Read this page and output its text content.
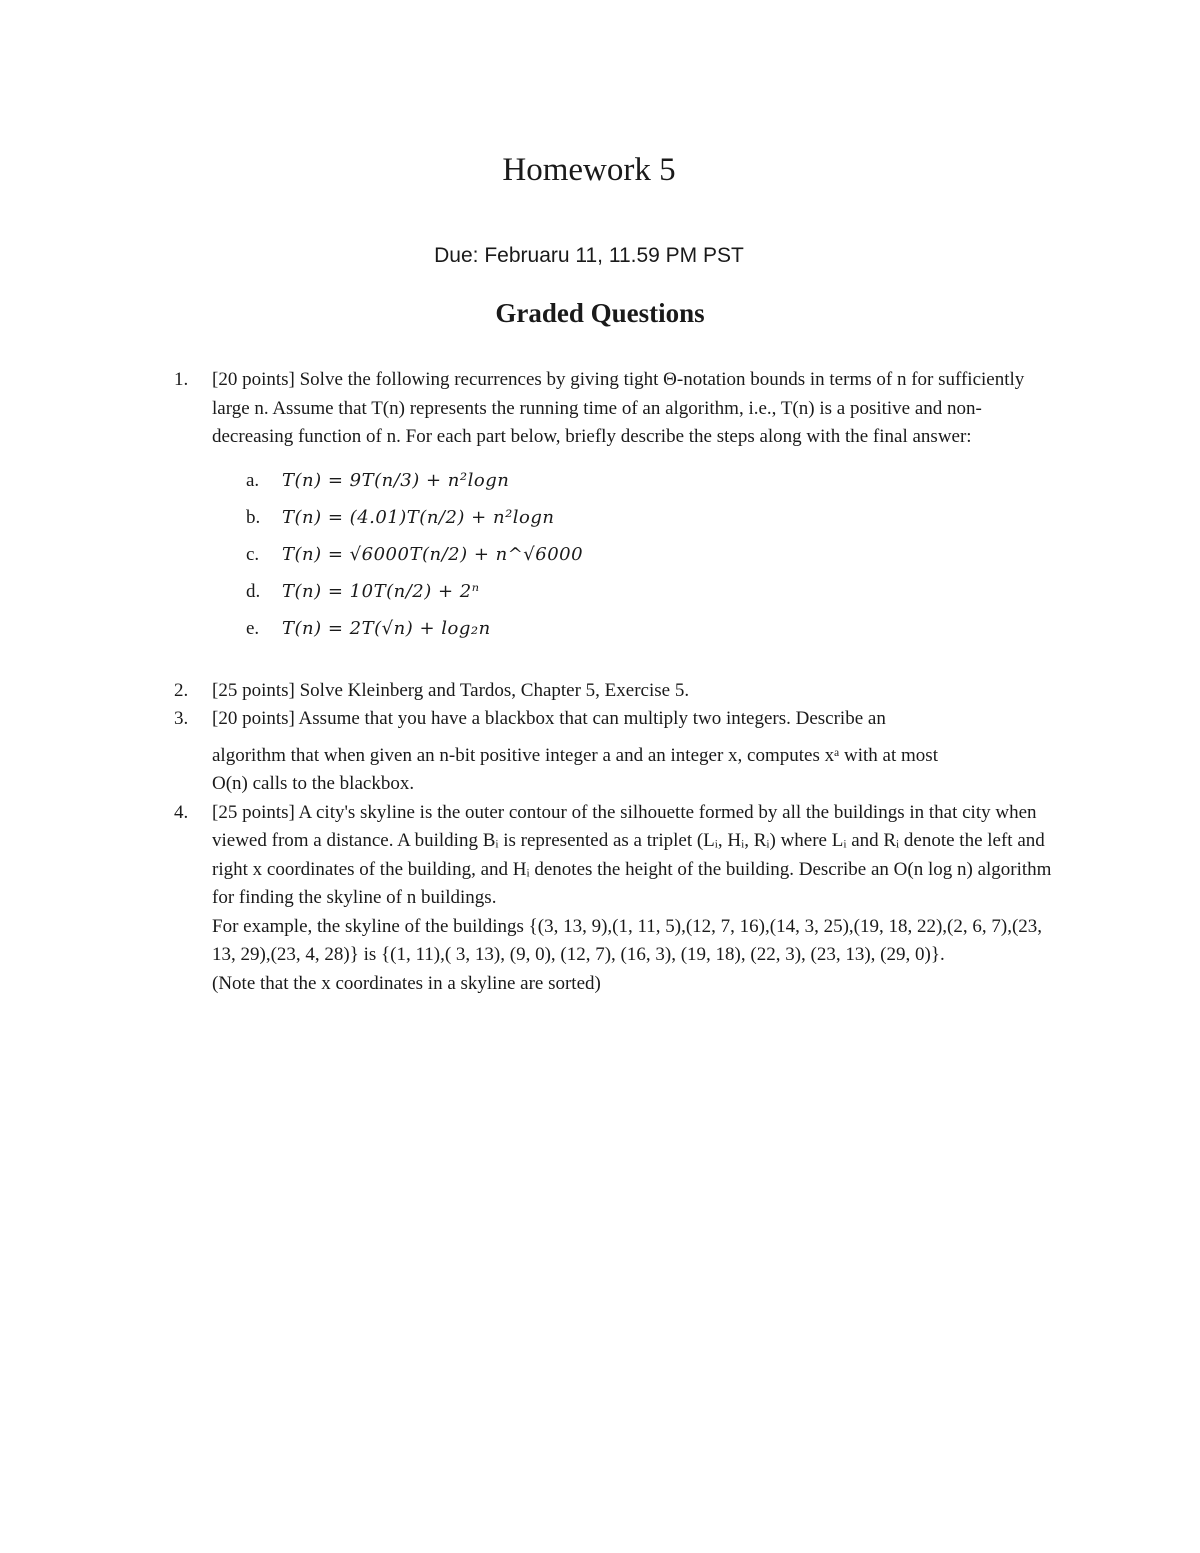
Homework 5
Due: Februaru 11, 11.59 PM PST
Graded Questions
1.	[20 points] Solve the following recurrences by giving tight Θ-notation bounds in terms of n for sufficiently large n. Assume that T(n) represents the running time of an algorithm, i.e., T(n) is a positive and non-decreasing function of n. For each part below, briefly describe the steps along with the final answer:
a. T(n) = 9T(n/3) + n²logn
b. T(n) = (4.01)T(n/2) + n²logn
c. T(n) = √6000T(n/2) + n^√6000
d. T(n) = 10T(n/2) + 2ⁿ
e. T(n) = 2T(√n) + log₂n
2.	[25 points] Solve Kleinberg and Tardos, Chapter 5, Exercise 5.
3.	[20 points] Assume that you have a blackbox that can multiply two integers. Describe an
algorithm that when given an n-bit positive integer a and an integer x, computes xᵃ with at most
O(n) calls to the blackbox.
4.	[25 points] A city's skyline is the outer contour of the silhouette formed by all the buildings in that city when viewed from a distance. A building Bᵢ is represented as a triplet (Lᵢ, Hᵢ, Rᵢ) where Lᵢ and Rᵢ denote the left and right x coordinates of the building, and Hᵢ denotes the height of the building. Describe an O(n log n) algorithm for finding the skyline of n buildings.
For example, the skyline of the buildings {(3, 13, 9),(1, 11, 5),(12, 7, 16),(14, 3, 25),(19, 18, 22),(2, 6, 7),(23, 13, 29),(23, 4, 28)} is {(1, 11),( 3, 13), (9, 0), (12, 7), (16, 3), (19, 18), (22, 3), (23, 13), (29, 0)}.
(Note that the x coordinates in a skyline are sorted)
